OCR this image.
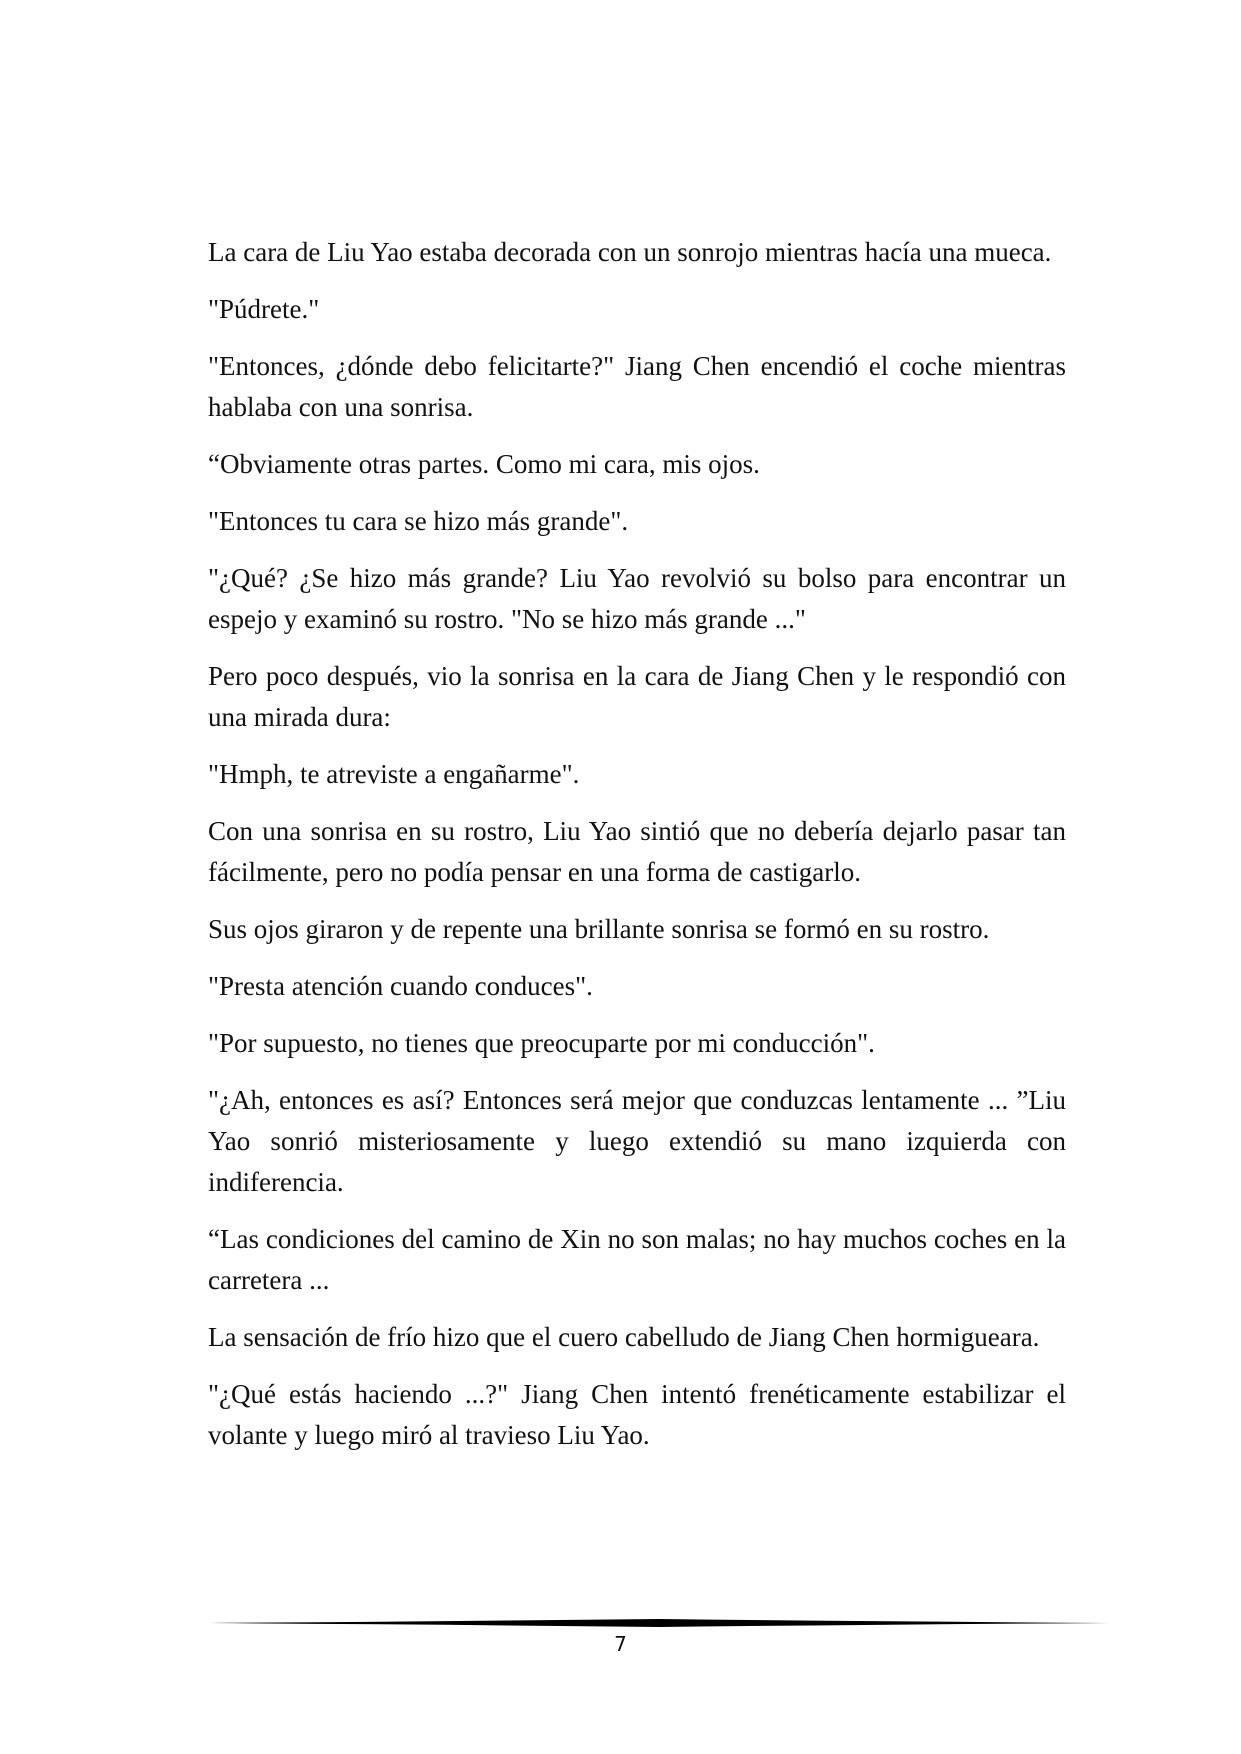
La cara de Liu Yao estaba decorada con un sonrojo mientras hacía una mueca.

"Púdrete."

"Entonces, ¿dónde debo felicitarte?" Jiang Chen encendió el coche mientras hablaba con una sonrisa.

“Obviamente otras partes. Como mi cara, mis ojos.

"Entonces tu cara se hizo más grande".

"¿Qué? ¿Se hizo más grande? Liu Yao revolvió su bolso para encontrar un espejo y examinó su rostro. "No se hizo más grande ..."

Pero poco después, vio la sonrisa en la cara de Jiang Chen y le respondió con una mirada dura:

"Hmph, te atreviste a engañarme".

Con una sonrisa en su rostro, Liu Yao sintió que no debería dejarlo pasar tan fácilmente, pero no podía pensar en una forma de castigarlo.

Sus ojos giraron y de repente una brillante sonrisa se formó en su rostro.

"Presta atención cuando conduces".

"Por supuesto, no tienes que preocuparte por mi conducción".

"¿Ah, entonces es así? Entonces será mejor que conduzcas lentamente ... ”Liu Yao sonrió misteriosamente y luego extendió su mano izquierda con indiferencia.

“Las condiciones del camino de Xin no son malas; no hay muchos coches en la carretera ...

La sensación de frío hizo que el cuero cabelludo de Jiang Chen hormigueara.

"¿Qué estás haciendo ...?" Jiang Chen intentó frenéticamente estabilizar el volante y luego miró al travieso Liu Yao.

7
